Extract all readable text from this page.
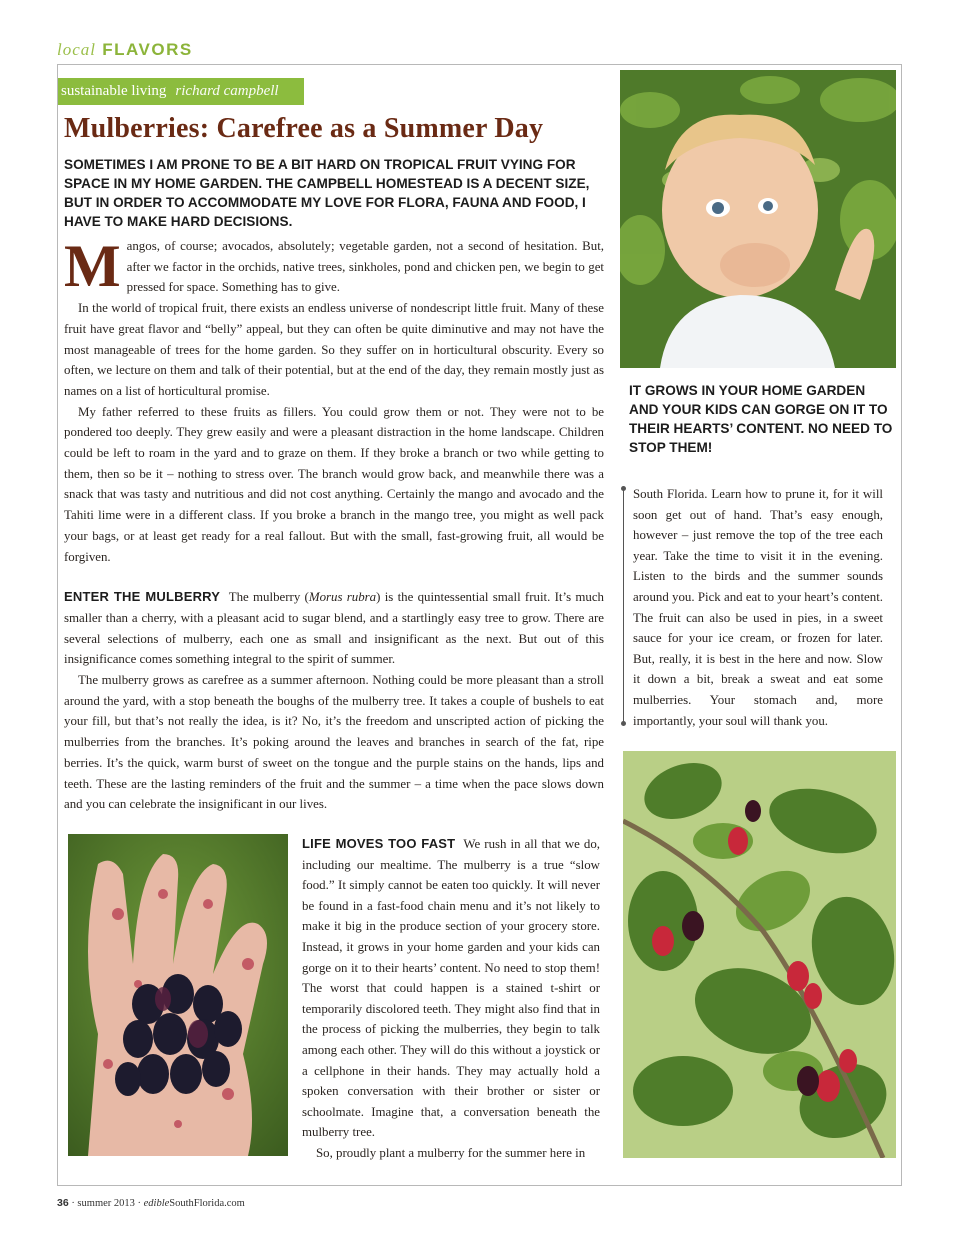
local FLAVORS
sustainable living richard campbell
Mulberries: Carefree as a Summer Day
SOMETIMES I AM PRONE TO BE A BIT HARD ON TROPICAL FRUIT VYING FOR SPACE IN MY HOME GARDEN. THE CAMPBELL HOMESTEAD IS A DECENT SIZE, BUT IN ORDER TO ACCOMMODATE MY LOVE FOR FLORA, FAUNA AND FOOD, I HAVE TO MAKE HARD DECISIONS.

Mangos, of course; avocados, absolutely; vegetable garden, not a second of hesitation. But, after we factor in the orchids, native trees, sinkholes, pond and chicken pen, we begin to get pressed for space. Something has to give.

In the world of tropical fruit, there exists an endless universe of nondescript little fruit. Many of these fruit have great flavor and “belly” appeal, but they can often be quite diminutive and may not have the most manageable of trees for the home garden. So they suffer on in horticultural obscurity. Every so often, we lecture on them and talk of their potential, but at the end of the day, they remain mostly just as names on a list of horticultural promise.

My father referred to these fruits as fillers. You could grow them or not. They were not to be pondered too deeply. They grew easily and were a pleasant distraction in the home landscape. Children could be left to roam in the yard and to graze on them. If they broke a branch or two while getting to them, then so be it – nothing to stress over. The branch would grow back, and meanwhile there was a snack that was tasty and nutritious and did not cost anything. Certainly the mango and avocado and the Tahiti lime were in a different class. If you broke a branch in the mango tree, you might as well pack your bags, or at least get ready for a real fallout. But with the small, fast-growing fruit, all would be forgiven.

ENTER THE MULBERRY The mulberry (Morus rubra) is the quintessential small fruit. It’s much smaller than a cherry, with a pleasant acid to sugar blend, and a startlingly easy tree to grow. There are several selections of mulberry, each one as small and insignificant as the next. But out of this insignificance comes something integral to the spirit of summer.

The mulberry grows as carefree as a summer afternoon. Nothing could be more pleasant than a stroll around the yard, with a stop beneath the boughs of the mulberry tree. It takes a couple of bushels to eat your fill, but that’s not really the idea, is it? No, it’s the freedom and unscripted action of picking the mulberries from the branches. It’s poking around the leaves and branches in search of the fat, ripe berries. It’s the quick, warm burst of sweet on the tongue and the purple stains on the hands, lips and teeth. These are the lasting reminders of the fruit and the summer – a time when the pace slows down and you can celebrate the insignificant in our lives.

LIFE MOVES TOO FAST We rush in all that we do, including our mealtime. The mulberry is a true “slow food.” It simply cannot be eaten too quickly. It will never be found in a fast-food chain menu and it’s not likely to make it big in the produce section of your grocery store. Instead, it grows in your home garden and your kids can gorge on it to their hearts’ content. No need to stop them! The worst that could happen is a stained t-shirt or temporarily discolored teeth. They might also find that in the process of picking the mulberries, they begin to talk among each other. They will do this without a joystick or a cellphone in their hands. They may actually hold a spoken conversation with their brother or sister or schoolmate. Imagine that, a conversation beneath the mulberry tree.

So, proudly plant a mulberry for the summer here in

IT GROWS IN YOUR HOME GARDEN AND YOUR KIDS CAN GORGE ON IT TO THEIR HEARTS’ CONTENT. NO NEED TO STOP THEM!

South Florida. Learn how to prune it, for it will soon get out of hand. That’s easy enough, however – just remove the top of the tree each year. Take the time to visit it in the evening. Listen to the birds and the summer sounds around you. Pick and eat to your heart’s content. The fruit can also be used in pies, in a sweet sauce for your ice cream, or frozen for later. But, really, it is best in the here and now. Slow it down a bit, break a sweat and eat some mulberries. Your stomach and, more importantly, your soul will thank you.

36 · summer 2013 · edibleSouthFlorida.com
